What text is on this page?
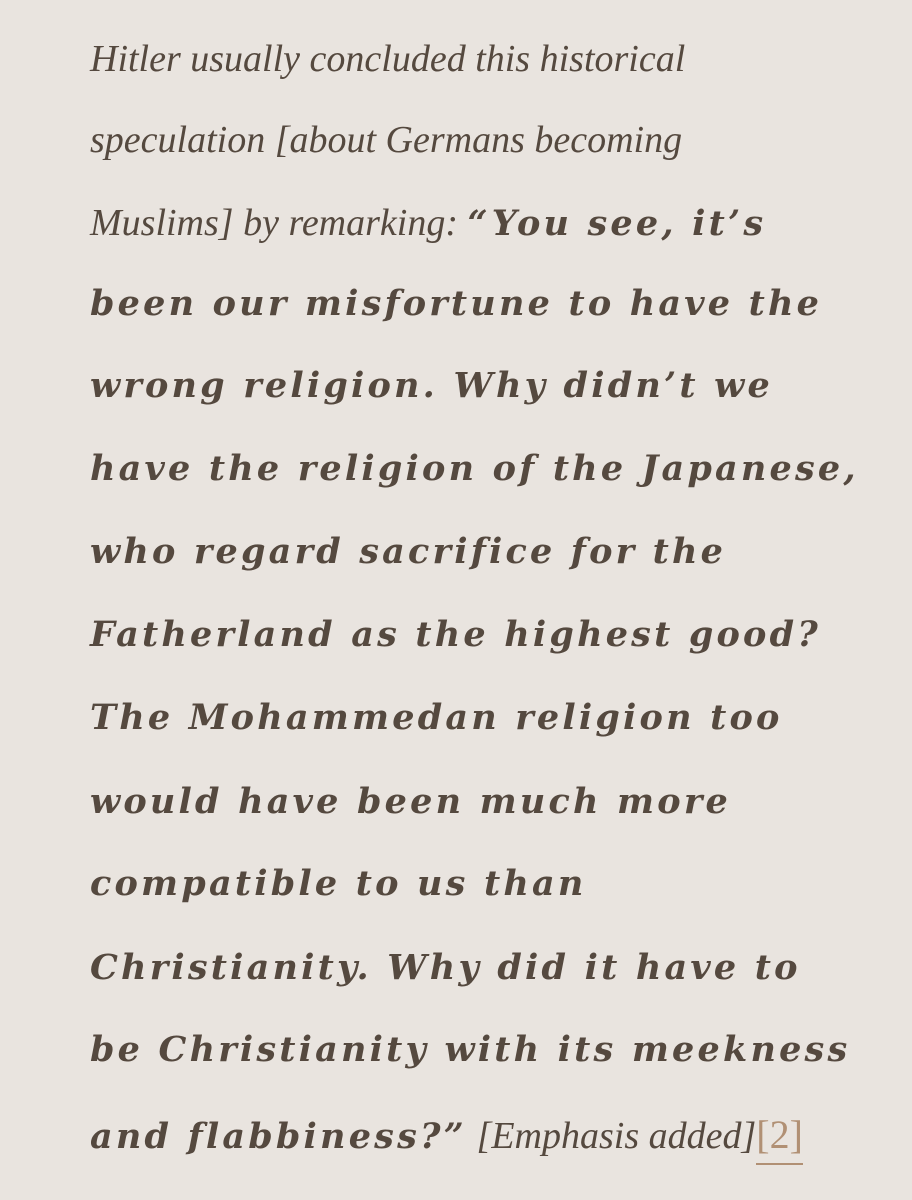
Hitler usually concluded this historical
speculation [about Germans becoming
Muslims] by remarking: “You see, it’s
been our misfortune to have the
wrong religion. Why didn’t we
have the religion of the Japanese,
who regard sacrifice for the
Fatherland as the highest good?
The Mohammedan religion too
would have been much more
compatible to us than
Christianity. Why did it have to
be Christianity with its meekness
and flabbiness?” [Emphasis added][2]
